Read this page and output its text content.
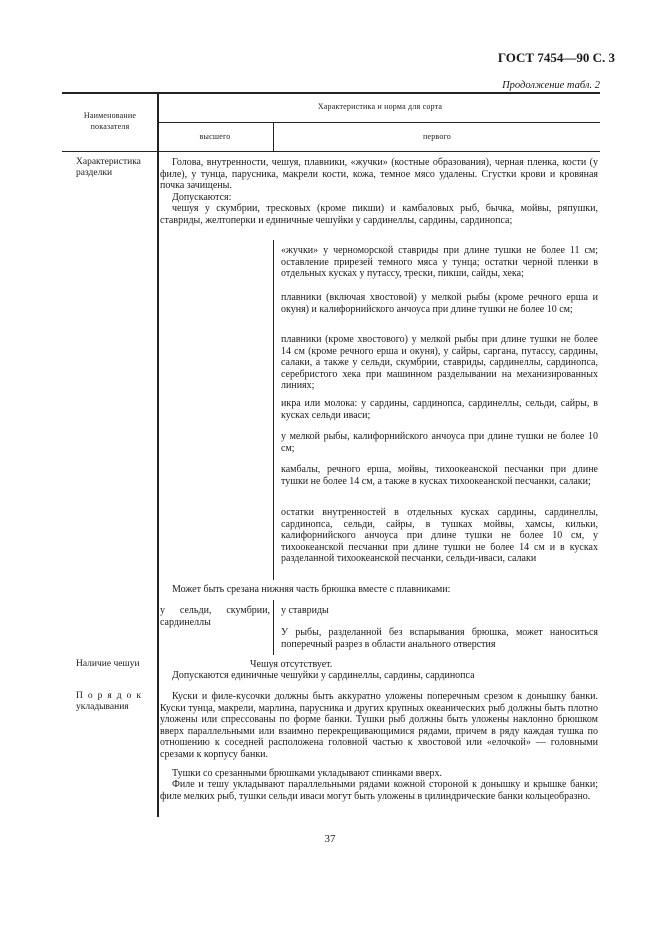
ГОСТ 7454—90 С. 3
Продолжение табл. 2
Наименование показателя
Характеристика и норма для сорта
высшего	первого
Характеристика разделки
Голова, внутренности, чешуя, плавники, «жучки» (костные образования), черная пленка, кости (у филе), у тунца, парусника, макрели кости, кожа, темное мясо удалены. Сгустки крови и кровяная почка зачищены.
Допускаются:
чешуя у скумбрии, тресковых (кроме пикши) и камбаловых рыб, бычка, мойвы, ряпушки, ставриды, желтоперки и единичные чешуйки у сардинеллы, сардины, сардинопса;
«жучки» у черноморской ставриды при длине тушки не более 11 см; оставление прирезей темного мяса у тунца; остатки черной пленки в отдельных кусках у путассу, трески, пикши, сайды, хека;
плавники (включая хвостовой) у мелкой рыбы (кроме речного ерша и окуня) и калифорнийского анчоуса при длине тушки не более 10 см;
плавники (кроме хвостового) у мелкой рыбы при длине тушки не более 14 см (кроме речного ерша и окуня), у сайры, саргана, путассу, сардины, салаки, а также у сельди, скумбрии, ставриды, сардинеллы, сардинопса, серебристого хека при машинном разделывании на механизированных линиях;
икра или молока: у сардины, сардинопса, сардинеллы, сельди, сайры, в кусках сельди иваси;
у мелкой рыбы, калифорнийского анчоуса при длине тушки не более 10 см;
камбалы, речного ерша, мойвы, тихоокеанской песчанки при длине тушки не более 14 см, а также в кусках тихоокеанской песчанки, салаки;
остатки внутренностей в отдельных кусках сардины, сардинеллы, сардинопса, сельди, сайры, в тушках мойвы, хамсы, кильки, калифорнийского анчоуса при длине тушки не более 10 см, у тихоокеанской песчанки при длине тушки не более 14 см и в кусках разделанной тихоокеанской песчанки, сельди-иваси, салаки
Может быть срезана нижняя часть брюшка вместе с плавниками:
у сельди, скумбрии, сардинеллы
у ставриды
У рыбы, разделанной без вспарывания брюшка, может наноситься поперечный разрез в области анального отверстия
Наличие чешуи	Чешуя отсутствует.
Допускаются единичные чешуйки у сардинеллы, сардины, сардинопса
Порядок
укладывания
Куски и филе-кусочки должны быть аккуратно уложены поперечным срезом к донышку банки. Куски тунца, макрели, марлина, парусника и других крупных океанических рыб должны быть плотно уложены или спрессованы по форме банки. Тушки рыб должны быть уложены наклонно брюшком вверх параллельными или взаимно перекрещивающимися рядами, причем в ряду каждая тушка по отношению к соседней расположена головной частью к хвостовой или «елочкой» — головными срезами к корпусу банки.
Тушки со срезанными брюшками укладывают спинками вверх.
Филе и тешу укладывают параллельными рядами кожной стороной к донышку и крышке банки; филе мелких рыб, тушки сельди иваси могут быть уложены в цилиндрические банки кольцеобразно.
37
